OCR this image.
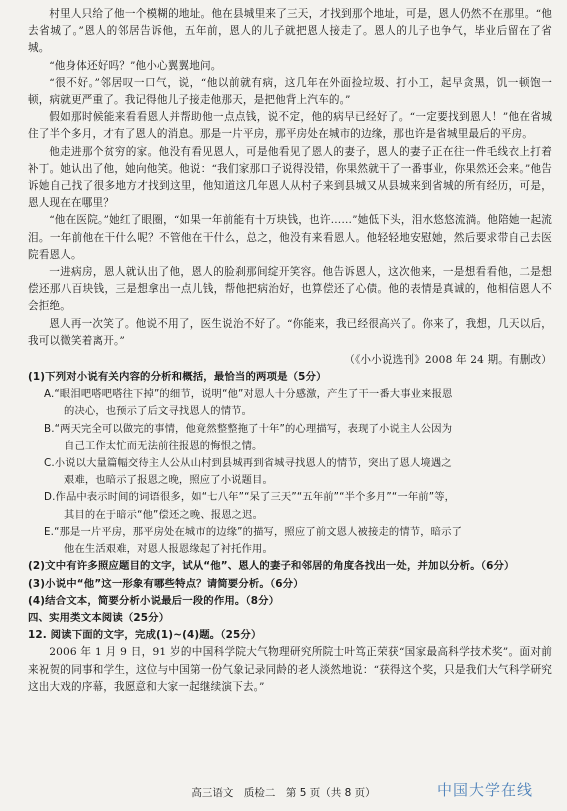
村里人只给了他一个模糊的地址。他在县城里来了三天，才找到那个地址，可是，恩人仍然不在那里。“他去省城了。”恩人的邻居告诉他，五年前，恩人的儿子就把恩人接走了。恩人的儿子也争气，毕业后留在了省城。

“他身体还好吗？”他小心翼翼地问。

“很不好。”邻居叹一口气，说，“他以前就有病，这几年在外面捡垃圾、打小工，起早贪黑，饥一顿饱一顿，病就更严重了。我记得他儿子接走他那天，是把他背上汽车的。”

假如那时候能来看看恩人并帮助他一点点钱，说不定，他的病早已经好了。“一定要找到恩人！”他在省城住了半个多月，才有了恩人的消息。那是一片平房，那平房处在城市的边缘，那也许是省城里最后的平房。

他走进那个贫穷的家。他没有看见恩人，可是他看见了恩人的妻子，恩人的妻子正在往一件毛线衣上打着补丁。她认出了他，她向他笑。他说：“我们家那口子说得没错，你果然就干了一番事业，你果然还会来。”他告诉她自己找了很多地方才找到这里，他知道这几年恩人从村子来到县城又从县城来到省城的所有经历，可是，恩人现在在哪里？

“他在医院。”她红了眼圈，“如果一年前能有十万块钱，也许……”她低下头，泪水悠悠流淌。他陪她一起流泪。一年前他在干什么呢？不管他在干什么，总之，他没有来看恩人。他轻轻地安慰她，然后要求带自己去医院看恩人。

一进病房，恩人就认出了他，恩人的脸刹那间绽开笑容。他告诉恩人，这次他来，一是想看看他，二是想偿还那八百块钱，三是想拿出一点儿钱，帮他把病治好，也算偿还了心债。他的表情是真诚的，他相信恩人不会拒绝。

恩人再一次笑了。他说不用了，医生说治不好了。“你能来，我已经很高兴了。你来了，我想，几天以后，我可以微笑着离开。”

（《小小说选刊》2008 年 24 期。有删改）

(1)下列对小说有关内容的分析和概括，最恰当的两项是（5分）

A.“眼泪吧嗒吧嗒往下掉”的细节，说明“他”对恩人十分感激，产生了干一番大事业来报恩

的决心，也预示了后文寻找恩人的情节。

B.“两天完全可以做完的事情，他竟然整整拖了十年”的心理描写，表现了小说主人公因为

自己工作太忙而无法前往报恩的悔恨之情。

C.小说以大量篇幅交待主人公从山村到县城再到省城寻找恩人的情节，突出了恩人境遇之

艰难，也暗示了报恩之晚，照应了小说题目。

D.作品中表示时间的词语很多，如“七八年”“呆了三天”“五年前”“半个多月”“一年前”等，

其目的在于暗示“他”偿还之晚、报恩之迟。

E.“那是一片平房，那平房处在城市的边缘”的描写，照应了前文恩人被接走的情节，暗示了

他在生活艰难，对恩人报恩缘起了衬托作用。

(2)文中有许多照应题目的文字，试从“他”、恩人的妻子和邻居的角度各找出一处，并加以分析。（6分）

(3)小说中“他”这一形象有哪些特点？请简要分析。（6分）

(4)结合文本，简要分析小说最后一段的作用。（8分）

四、实用类文本阅读（25分）

12. 阅读下面的文字，完成(1)~(4)题。（25分）

2006 年 1 月 9 日，91 岁的中国科学院大气物理研究所院士叶笃正荣获“国家最高科学技术奖”。面对前来祝贺的同事和学生，这位与中国第一份气象记录同龄的老人淡然地说：“获得这个奖，只是我们大气科学研究这出大戏的序幕，我愿意和大家一起继续演下去。”

高三语文　质检二　第 5 页（共 8 页）	中国大学在线
